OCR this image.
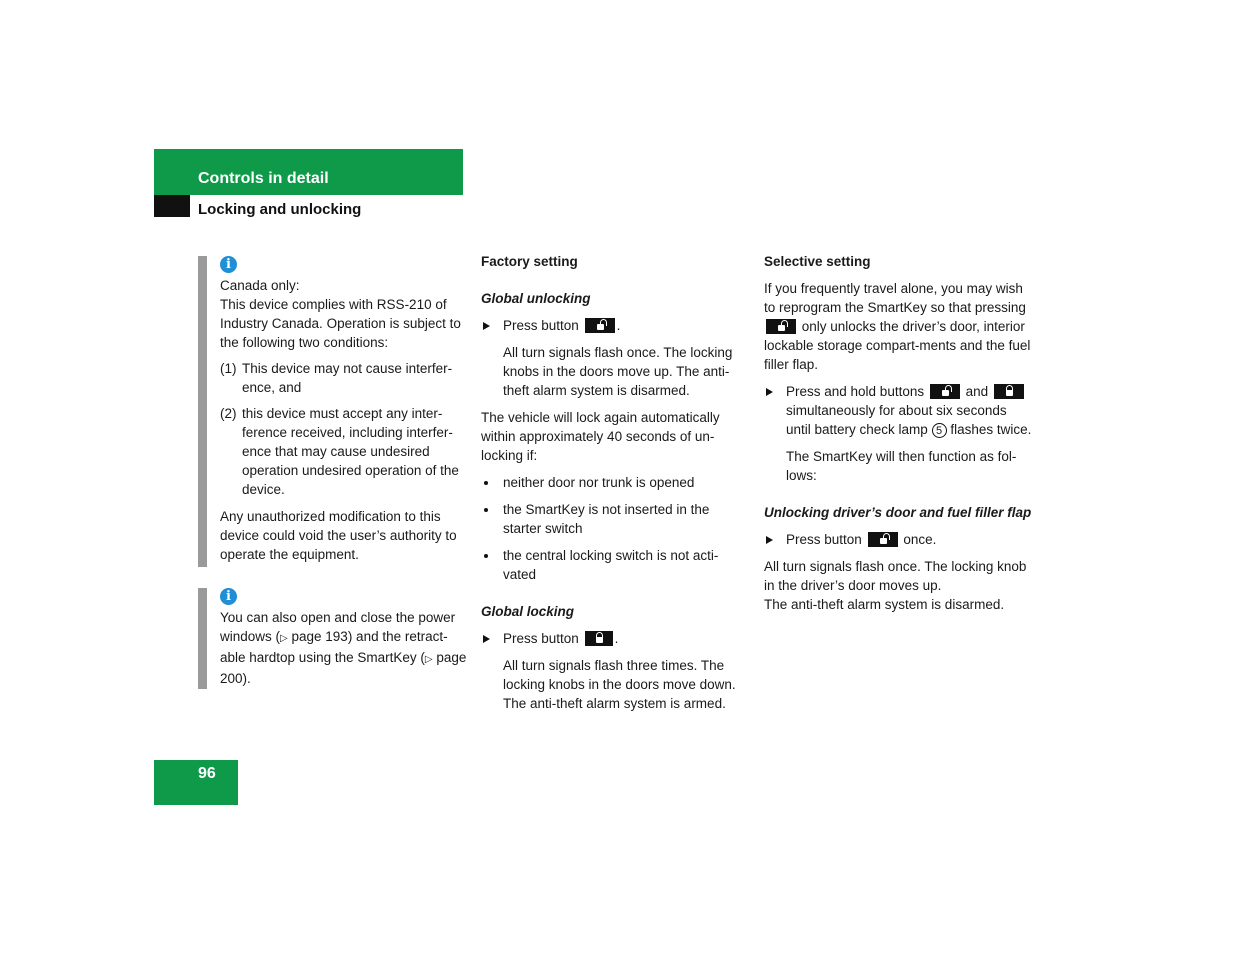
Controls in detail
Locking and unlocking
i

Canada only:

This device complies with RSS-210 of Industry Canada. Operation is subject to the following two conditions:

(1) This device may not cause interfer-ence, and
(2) this device must accept any inter-ference received, including interfer-ence that may cause undesired operation undesired operation of the device.

Any unauthorized modification to this device could void the user’s authority to operate the equipment.

i

You can also open and close the power windows (▷ page 193) and the retract-able hardtop using the SmartKey (▷ page 200).

Factory setting

Global unlocking

Press button	.

All turn signals flash once. The locking knobs in the doors move up. The anti-theft alarm system is disarmed.

The vehicle will lock again automatically within approximately 40 seconds of un-locking if:

neither door nor trunk is opened
the SmartKey is not inserted in the starter switch
the central locking switch is not acti-vated

Global locking

Press button	.

All turn signals flash three times. The locking knobs in the doors move down. The anti-theft alarm system is armed.

Selective setting

If you frequently travel alone, you may wish to reprogram the SmartKey so that pressing
only unlocks the driver’s door, interior lockable storage compart-ments and the fuel filler flap.

Press and hold buttons	and
simultaneously for about six seconds until battery check lamp 5 flashes twice.

The SmartKey will then function as fol-lows:

Unlocking driver’s door and fuel filler flap

Press button	once.

All turn signals flash once. The locking knob in the driver’s door moves up.

The anti-theft alarm system is disarmed.

96
